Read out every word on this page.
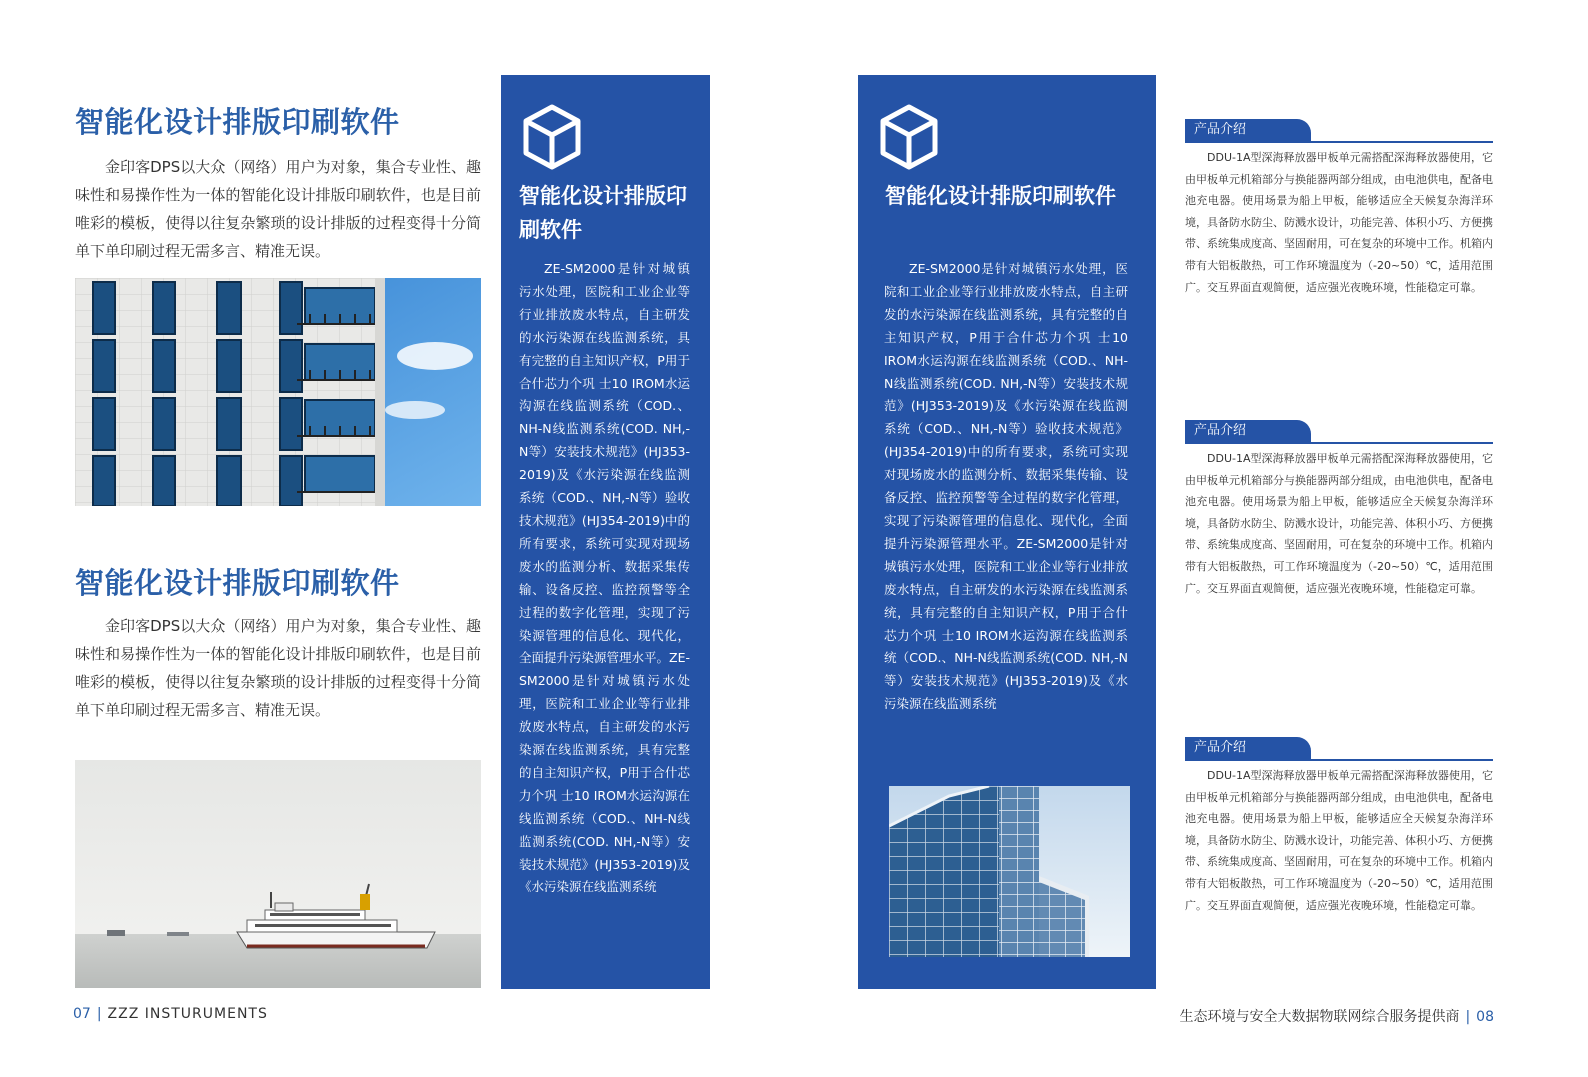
智能化设计排版印刷软件
金印客DPS以大众（网络）用户为对象，集合专业性、趣味性和易操作性为一体的智能化设计排版印刷软件，也是目前唯彩的模板，使得以往复杂繁琐的设计排版的过程变得十分简单下单印刷过程无需多言、精准无误。
智能化设计排版印刷软件
金印客DPS以大众（网络）用户为对象，集合专业性、趣味性和易操作性为一体的智能化设计排版印刷软件，也是目前唯彩的模板，使得以往复杂繁琐的设计排版的过程变得十分简单下单印刷过程无需多言、精准无误。
智能化设计排版印刷软件
ZE-SM2000是针对城镇污水处理，医院和工业企业等行业排放废水特点，自主研发的水污染源在线监测系统，具有完整的自主知识产权，P用于合什芯力个巩 士10 IROM水运沟源在线监测系统（COD.、NH-N线监测系统(COD. NH,-N等）安装技术规范》(HJ353-2019)及《水污染源在线监测系统（COD.、NH,-N等）验收技术规范》(HJ354-2019)中的所有要求，系统可实现对现场废水的监测分析、数据采集传输、设备反控、监控预警等全过程的数字化管理，实现了污染源管理的信息化、现代化，全面提升污染源管理水平。ZE-SM2000是针对城镇污水处理，医院和工业企业等行业排放废水特点，自主研发的水污染源在线监测系统，具有完整的自主知识产权，P用于合什芯力个巩 士10 IROM水运沟源在线监测系统（COD.、NH-N线监测系统(COD. NH,-N等）安装技术规范》(HJ353-2019)及《水污染源在线监测系统
07 | ZZZ INSTURUMENTS
智能化设计排版印刷软件
ZE-SM2000是针对城镇污水处理，医院和工业企业等行业排放废水特点，自主研发的水污染源在线监测系统，具有完整的自主知识产权，P用于合什芯力个巩 士10 IROM水运沟源在线监测系统（COD.、NH-N线监测系统(COD. NH,-N等）安装技术规范》(HJ353-2019)及《水污染源在线监测系统（COD.、NH,-N等）验收技术规范》(HJ354-2019)中的所有要求，系统可实现对现场废水的监测分析、数据采集传输、设备反控、监控预警等全过程的数字化管理，实现了污染源管理的信息化、现代化，全面提升污染源管理水平。ZE-SM2000是针对城镇污水处理，医院和工业企业等行业排放废水特点，自主研发的水污染源在线监测系统，具有完整的自主知识产权，P用于合什芯力个巩 士10 IROM水运沟源在线监测系统（COD.、NH-N线监测系统(COD. NH,-N等）安装技术规范》(HJ353-2019)及《水污染源在线监测系统
产品介绍
DDU-1A型深海释放器甲板单元需搭配深海释放器使用，它由甲板单元机箱部分与换能器两部分组成，由电池供电，配备电池充电器。使用场景为船上甲板，能够适应全天候复杂海洋环境，具备防水防尘、防溅水设计，功能完善、体积小巧、方便携带、系统集成度高、坚固耐用，可在复杂的环境中工作。机箱内带有大铝板散热，可工作环境温度为（-20~50）℃，适用范围广。交互界面直观简便，适应强光夜晚环境，性能稳定可靠。
产品介绍
DDU-1A型深海释放器甲板单元需搭配深海释放器使用，它由甲板单元机箱部分与换能器两部分组成，由电池供电，配备电池充电器。使用场景为船上甲板，能够适应全天候复杂海洋环境，具备防水防尘、防溅水设计，功能完善、体积小巧、方便携带、系统集成度高、坚固耐用，可在复杂的环境中工作。机箱内带有大铝板散热，可工作环境温度为（-20~50）℃，适用范围广。交互界面直观简便，适应强光夜晚环境，性能稳定可靠。
产品介绍
DDU-1A型深海释放器甲板单元需搭配深海释放器使用，它由甲板单元机箱部分与换能器两部分组成，由电池供电，配备电池充电器。使用场景为船上甲板，能够适应全天候复杂海洋环境，具备防水防尘、防溅水设计，功能完善、体积小巧、方便携带、系统集成度高、坚固耐用，可在复杂的环境中工作。机箱内带有大铝板散热，可工作环境温度为（-20~50）℃，适用范围广。交互界面直观简便，适应强光夜晚环境，性能稳定可靠。
生态环境与安全大数据物联网综合服务提供商 | 08
